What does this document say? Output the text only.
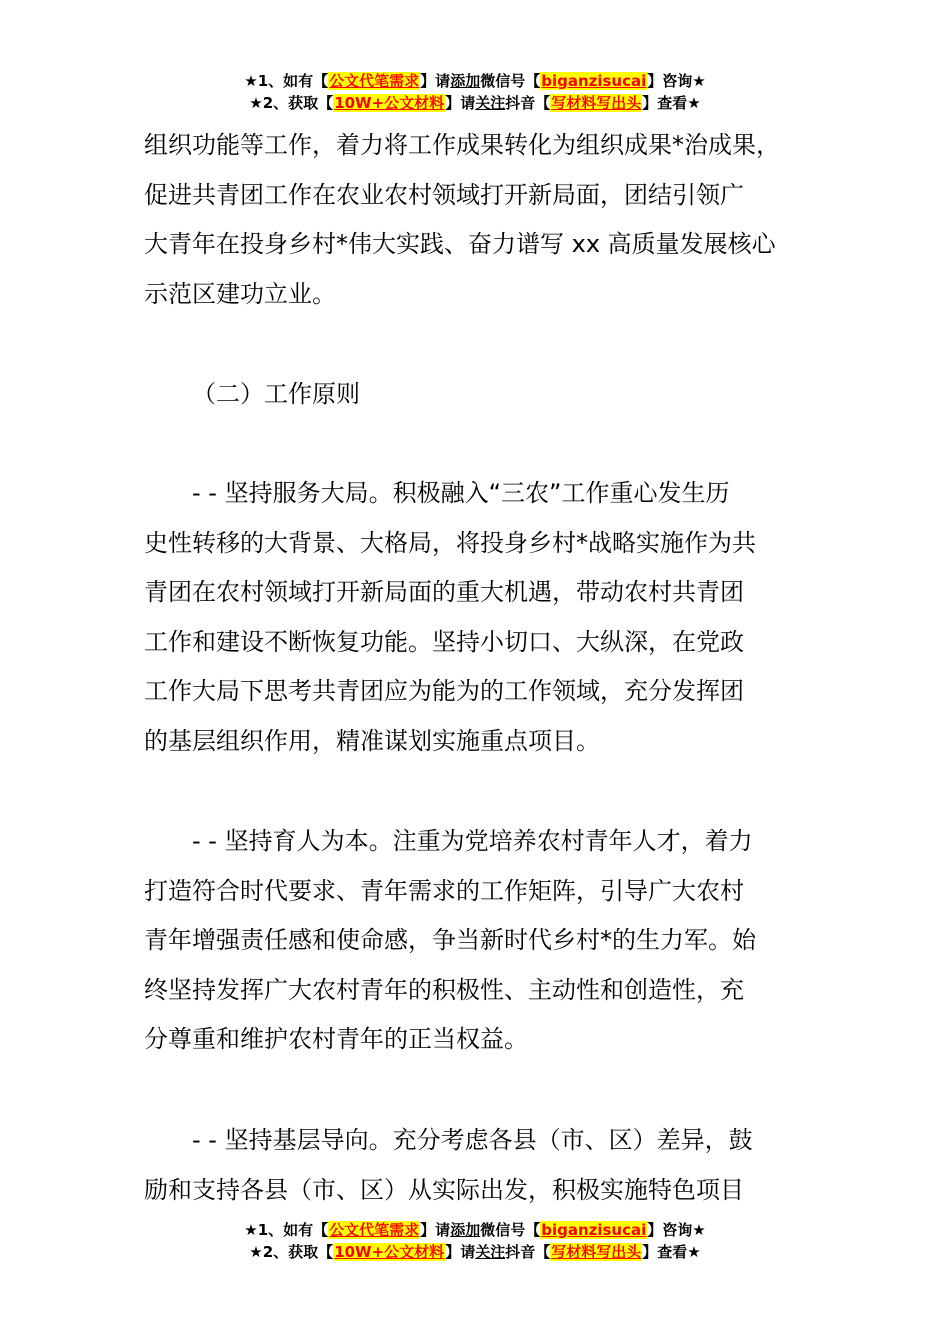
★1、如有【公文代笔需求】请添加微信号【biganzisucai】咨询★
★2、获取【10W+公文材料】请关注抖音【写材料写出头】查看★

组织功能等工作，着力将工作成果转化为组织成果*治成果，

促进共青团工作在农业农村领域打开新局面，团结引领广

大青年在投身乡村*伟大实践、奋力谱写 xx 高质量发展核心

示范区建功立业。

（二）工作原则

- - 坚持服务大局。积极融入“三农”工作重心发生历

史性转移的大背景、大格局，将投身乡村*战略实施作为共

青团在农村领域打开新局面的重大机遇，带动农村共青团

工作和建设不断恢复功能。坚持小切口、大纵深，在党政

工作大局下思考共青团应为能为的工作领域，充分发挥团

的基层组织作用，精准谋划实施重点项目。

- - 坚持育人为本。注重为党培养农村青年人才，着力

打造符合时代要求、青年需求的工作矩阵，引导广大农村

青年增强责任感和使命感，争当新时代乡村*的生力军。始

终坚持发挥广大农村青年的积极性、主动性和创造性，充

分尊重和维护农村青年的正当权益。

- - 坚持基层导向。充分考虑各县（市、区）差异，鼓

励和支持各县（市、区）从实际出发，积极实施特色项目

★1、如有【公文代笔需求】请添加微信号【biganzisucai】咨询★
★2、获取【10W+公文材料】请关注抖音【写材料写出头】查看★
